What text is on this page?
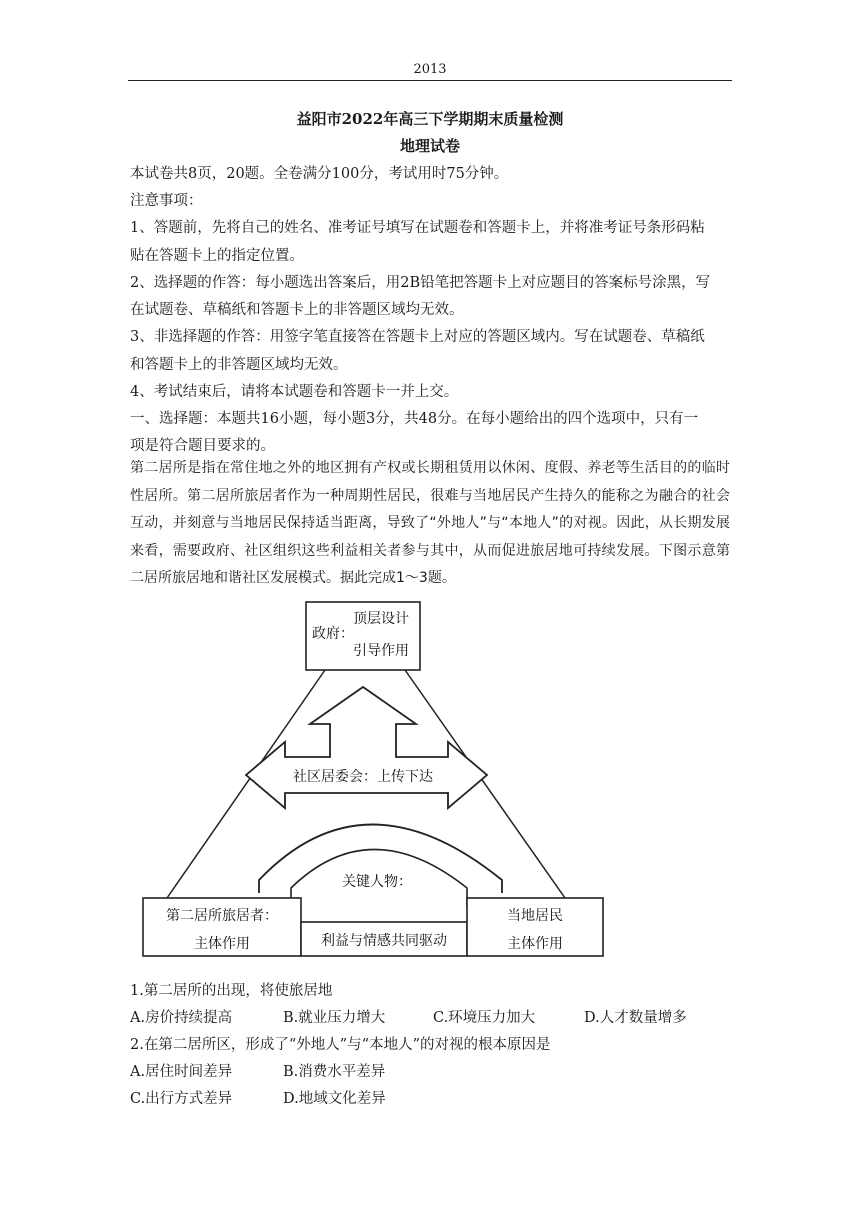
2013
益阳市2022年高三下学期期末质量检测
地理试卷
本试卷共8页，20题。全卷满分100分，考试用时75分钟。
注意事项：
1、答题前，先将自己的姓名、准考证号填写在试题卷和答题卡上，并将准考证号条形码粘
贴在答题卡上的指定位置。
2、选择题的作答：每小题选出答案后，用2B铅笔把答题卡上对应题目的答案标号涂黑，写
在试题卷、草稿纸和答题卡上的非答题区域均无效。
3、非选择题的作答：用签字笔直接答在答题卡上对应的答题区域内。写在试题卷、草稿纸
和答题卡上的非答题区域均无效。
4、考试结束后，请将本试题卷和答题卡一并上交。
一、选择题：本题共16小题，每小题3分，共48分。在每小题给出的四个选项中，只有一
项是符合题目要求的。
第二居所是指在常住地之外的地区拥有产权或长期租赁用以休闲、度假、养老等生活目的的临时性居所。第二居所旅居者作为一种周期性居民，很难与当地居民产生持久的能称之为融合的社会互动，并刻意与当地居民保持适当距离，导致了“外地人”与“本地人”的对视。因此，从长期发展来看，需要政府、社区组织这些利益相关者参与其中，从而促进旅居地可持续发展。下图示意第二居所旅居地和谐社区发展模式。据此完成1～3题。
政府：
顶层设计
引导作用
社区居委会：上传下达
关键人物：
第二居所旅居者：
主体作用	利益与情感共同驱动
当地居民
主体作用
1.第二居所的出现，将使旅居地
A.房价持续提高	B.就业压力增大	C.环境压力加大	D.人才数量增多
2.在第二居所区，形成了“外地人”与“本地人”的对视的根本原因是
A.居住时间差异	B.消费水平差异
C.出行方式差异	D.地域文化差异
